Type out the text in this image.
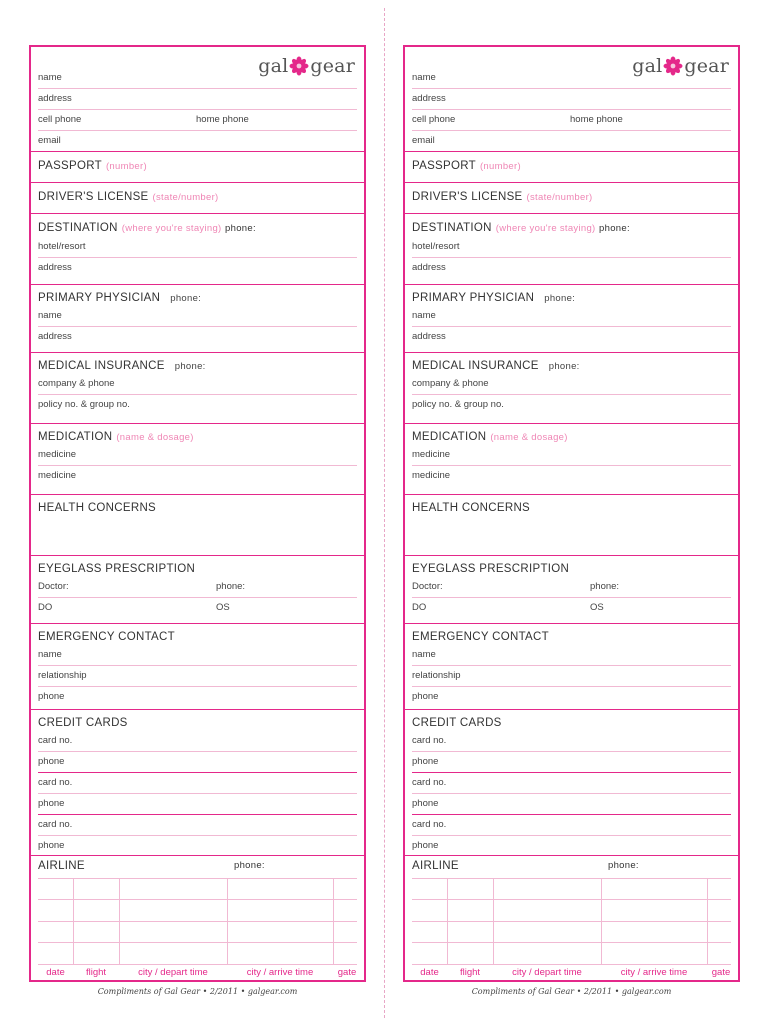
gal gear
name
address
cell phone	home phone
email
PASSPORT (number)
DRIVER'S LICENSE (state/number)
DESTINATION (where you're staying) phone:
hotel/resort
address
PRIMARY PHYSICIAN phone:
name
address
MEDICAL INSURANCE phone:
company & phone
policy no. & group no.
MEDICATION (name & dosage)
medicine
medicine
HEALTH CONCERNS
EYEGLASS PRESCRIPTION
Doctor:	phone:
DO	OS
EMERGENCY CONTACT
name
relationship
phone
CREDIT CARDS
card no.
phone
card no.
phone
card no.
phone
AIRLINE	phone:
date	flight	city / depart time	city / arrive time	gate
gal gear
name
address
cell phone	home phone
email
PASSPORT (number)
DRIVER'S LICENSE (state/number)
DESTINATION (where you're staying) phone:
hotel/resort
address
PRIMARY PHYSICIAN phone:
name
address
MEDICAL INSURANCE phone:
company & phone
policy no. & group no.
MEDICATION (name & dosage)
medicine
medicine
HEALTH CONCERNS
EYEGLASS PRESCRIPTION
Doctor:	phone:
DO	OS
EMERGENCY CONTACT
name
relationship
phone
CREDIT CARDS
card no.
phone
card no.
phone
card no.
phone
AIRLINE	phone:
date	flight	city / depart time	city / arrive time	gate
Compliments of Gal Gear • 2/2011 • galgear.com	Compliments of Gal Gear • 2/2011 • galgear.com
